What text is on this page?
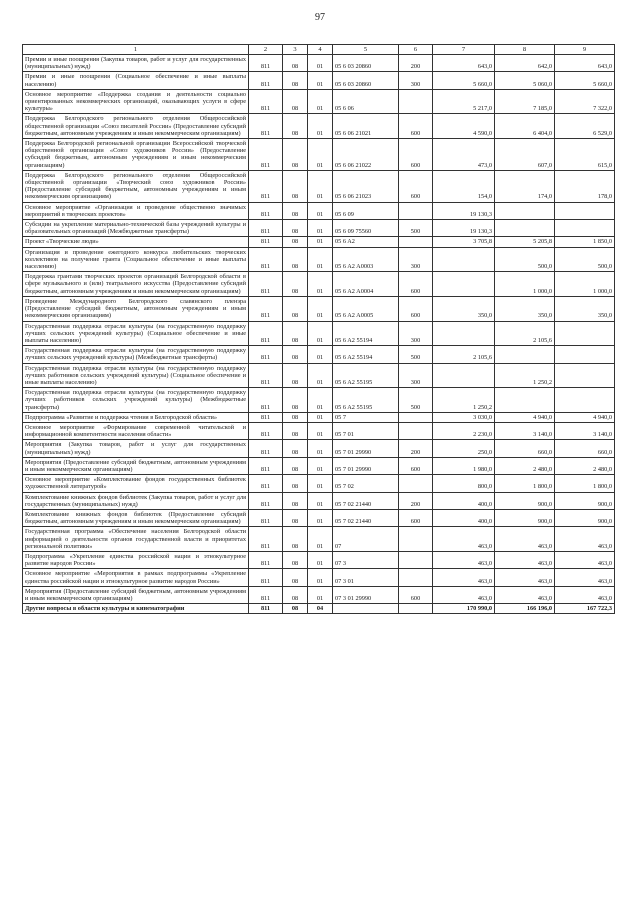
97
1	2	3	4	5	6	7	8	9
Премии и иные поощрения (Закупка товаров, работ и услуг для государственных (муниципальных) нужд)	811	08	01	05 6 03 20860	200	643,0	642,0	643,0
Премии и иные поощрения (Социальное обеспечение и иные выплаты населению)	811	08	01	05 6 03 20860	300	5 660,0	5 060,0	5 660,0
Основное мероприятие «Поддержка создания и деятельности социально ориентированных некоммерческих организаций, оказывающих услуги в сфере культуры»	811	08	01	05 6 06		5 217,0	7 185,0	7 322,0
Поддержка Белгородского регионального отделения Общероссийской общественной организации «Союз писателей России» (Предоставление субсидий бюджетным, автономным учреждениям и иным некоммерческим организациям)	811	08	01	05 6 06 21021	600	4 590,0	6 404,0	6 529,0
Поддержка Белгородской региональной организации Всероссийской творческой общественной организации «Союз художников России» (Предоставление субсидий бюджетным, автономным учреждениям и иным некоммерческим организациям)	811	08	01	05 6 06 21022	600	473,0	607,0	615,0
Поддержка Белгородского регионального отделения Общероссийской общественной организации «Творческий союз художников России» (Предоставление субсидий бюджетным, автономным учреждениям и иным некоммерческим организациям)	811	08	01	05 6 06 21023	600	154,0	174,0	178,0
Основное мероприятие «Организация и проведение общественно значимых мероприятий в творческих проектов»	811	08	01	05 6 09		19 130,3		
Субсидии на укрепление материально-технической базы учреждений культуры и образовательных организаций (Межбюджетные трансферты)	811	08	01	05 6 09 75560	500	19 130,3		
Проект «Творческие люди»	811	08	01	05 6 A2		3 705,8	5 205,8	1 850,0
Организация и проведение ежегодного конкурса любительских творческих коллективов на получение гранта (Социальное обеспечение и иные выплаты населению)	811	08	01	05 6 A2 A0003	300		500,0	500,0
Поддержка грантами творческих проектов организаций Белгородской области в сфере музыкального и (или) театрального искусства (Предоставление субсидий бюджетным, автономным учреждениям и иным некоммерческим организациям)	811	08	01	05 6 A2 A0004	600		1 000,0	1 000,0
Проведение Международного Белгородского славянского пленэра (Предоставление субсидий бюджетным, автономным учреждениям и иным некоммерческим организациям)	811	08	01	05 6 A2 A0005	600	350,0	350,0	350,0
Государственная поддержка отрасли культуры (на государственную поддержку лучших сельских учреждений культуры) (Социальное обеспечение и иные выплаты населению)	811	08	01	05 6 A2 55194	300		2 105,6	
Государственная поддержка отрасли культуры (на государственную поддержку лучших сельских учреждений культуры) (Межбюджетные трансферты)	811	08	01	05 6 A2 55194	500	2 105,6		
Государственная поддержка отрасли культуры (на государственную поддержку лучших работников сельских учреждений культуры) (Социальное обеспечение и иные выплаты населению)	811	08	01	05 6 A2 55195	300		1 250,2	
Государственная поддержка отрасли культуры (на государственную поддержку лучших работников сельских учреждений культуры) (Межбюджетные трансферты)	811	08	01	05 6 A2 55195	500	1 250,2		
Подпрограмма «Развитие и поддержка чтения в Белгородской области»	811	08	01	05 7		3 030,0	4 940,0	4 940,0
Основное мероприятие «Формирование современной читательской и информационной компетентности населения области»	811	08	01	05 7 01		2 230,0	3 140,0	3 140,0
Мероприятия (Закупка товаров, работ и услуг для государственных (муниципальных) нужд)	811	08	01	05 7 01 29990	200	250,0	660,0	660,0
Мероприятия (Предоставление субсидий бюджетным, автономным учреждениям и иным некоммерческим организациям)	811	08	01	05 7 01 29990	600	1 980,0	2 480,0	2 480,0
Основное мероприятие «Комплектование фондов государственных библиотек художественной литературой»	811	08	01	05 7 02		800,0	1 800,0	1 800,0
Комплектование книжных фондов библиотек (Закупка товаров, работ и услуг для государственных (муниципальных) нужд)	811	08	01	05 7 02 21440	200	400,0	900,0	900,0
Комплектование книжных фондов библиотек (Предоставление субсидий бюджетным, автономным учреждениям и иным некоммерческим организациям)	811	08	01	05 7 02 21440	600	400,0	900,0	900,0
Государственная программа «Обеспечение населения Белгородской области информацией о деятельности органов государственной власти и приоритетах региональной политики»	811	08	01	07		463,0	463,0	463,0
Подпрограмма «Укрепление единства российской нации и этнокультурное развитие народов России»	811	08	01	07 3		463,0	463,0	463,0
Основное мероприятие «Мероприятия в рамках подпрограммы «Укрепление единства российской нации и этнокультурное развитие народов России»	811	08	01	07 3 01		463,0	463,0	463,0
Мероприятия (Предоставление субсидий бюджетным, автономным учреждениям и иным некоммерческим организациям)	811	08	01	07 3 01 29990	600	463,0	463,0	463,0
Другие вопросы в области культуры и кинематографии	811	08	04			170 990,0	166 196,0	167 722,3
